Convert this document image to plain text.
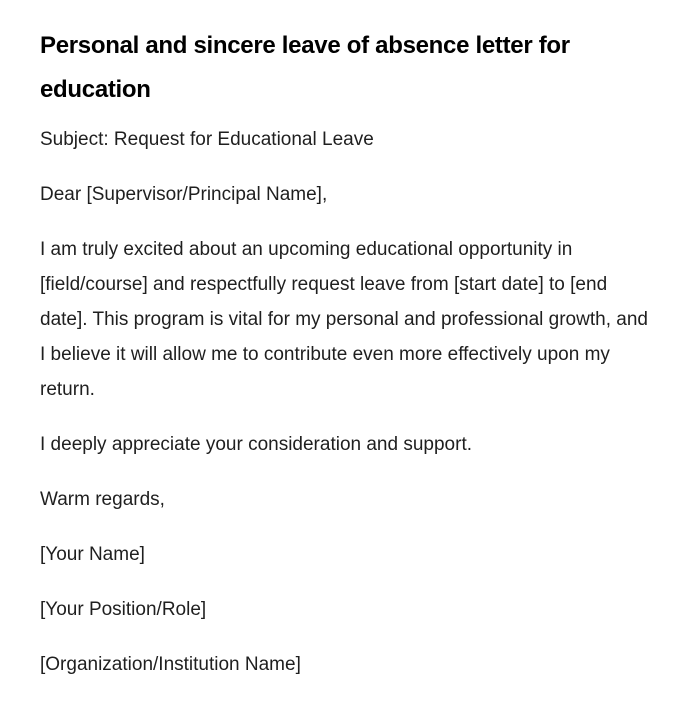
Personal and sincere leave of absence letter for education

Subject: Request for Educational Leave

Dear [Supervisor/Principal Name],

I am truly excited about an upcoming educational opportunity in [field/course] and respectfully request leave from [start date] to [end date]. This program is vital for my personal and professional growth, and I believe it will allow me to contribute even more effectively upon my return.

I deeply appreciate your consideration and support.

Warm regards,

[Your Name]

[Your Position/Role]

[Organization/Institution Name]
